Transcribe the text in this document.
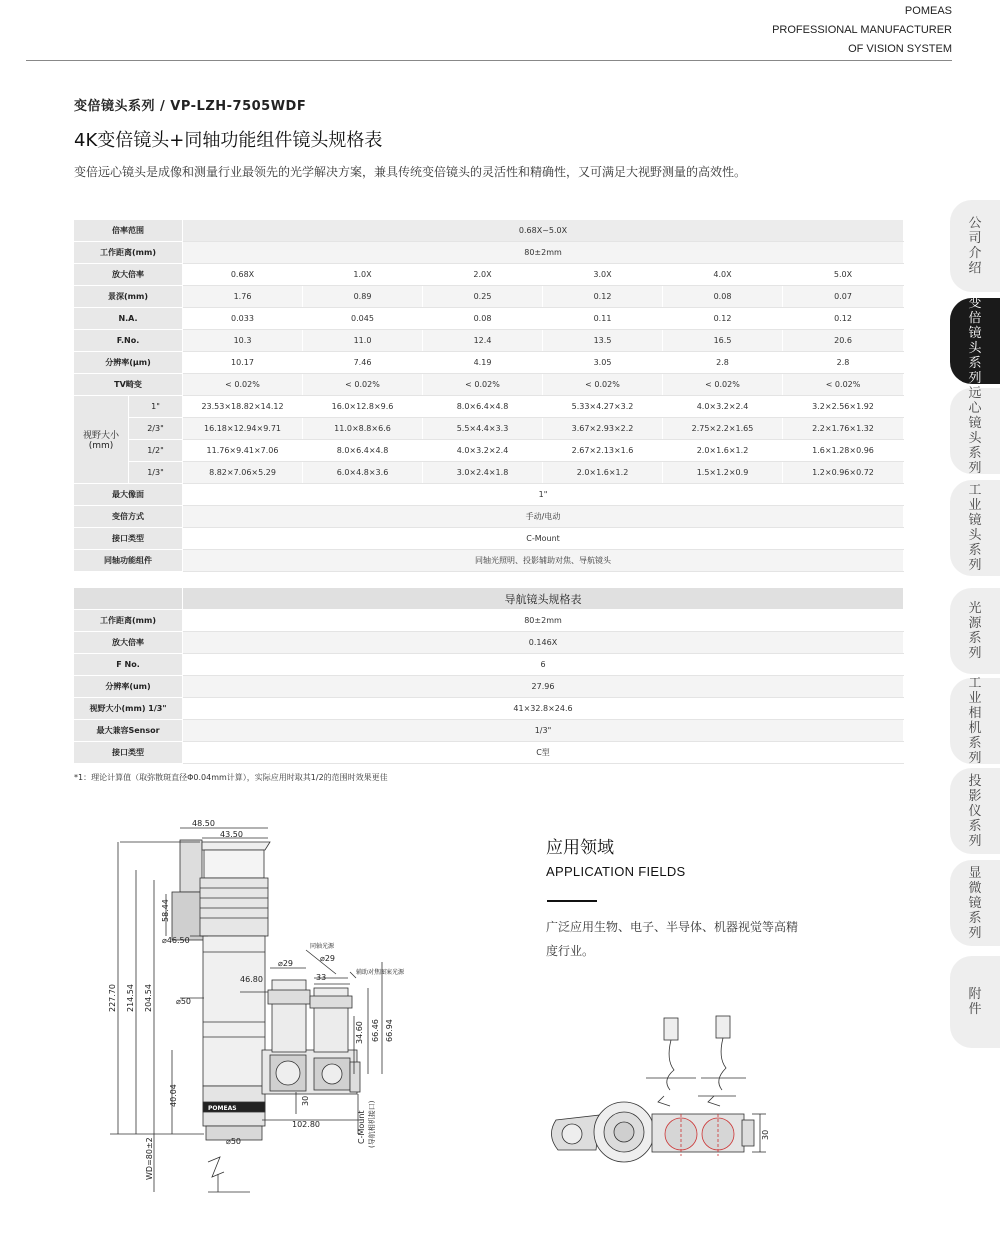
POMEAS
PROFESSIONAL MANUFACTURER
OF VISION SYSTEM
变倍镜头系列 / VP-LZH-7505WDF
4K变倍镜头+同轴功能组件镜头规格表
变倍远心镜头是成像和测量行业最领先的光学解决方案，兼具传统变倍镜头的灵活性和精确性，又可满足大视野测量的高效性。
倍率范围		0.68X~5.0X					
工作距离(mm)		80±2mm					
放大倍率		0.68X	1.0X	2.0X	3.0X	4.0X	5.0X
景深(mm)		1.76	0.89	0.25	0.12	0.08	0.07
N.A.		0.033	0.045	0.08	0.11	0.12	0.12
F.No.		10.3	11.0	12.4	13.5	16.5	20.6
分辨率(μm)		10.17	7.46	4.19	3.05	2.8	2.8
TV畸变		< 0.02%	< 0.02%	< 0.02%	< 0.02%	< 0.02%	< 0.02%

视野大小
(mm)	1"	23.53×18.82×14.12	16.0×12.8×9.6	8.0×6.4×4.8	5.33×4.27×3.2	4.0×3.2×2.4	3.2×2.56×1.92
	2/3"	16.18×12.94×9.71	11.0×8.8×6.6	5.5×4.4×3.3	3.67×2.93×2.2	2.75×2.2×1.65	2.2×1.76×1.32
	1/2"	11.76×9.41×7.06	8.0×6.4×4.8	4.0×3.2×2.4	2.67×2.13×1.6	2.0×1.6×1.2	1.6×1.28×0.96
	1/3"	8.82×7.06×5.29	6.0×4.8×3.6	3.0×2.4×1.8	2.0×1.6×1.2	1.5×1.2×0.9	1.2×0.96×0.72
最大像面		1"					
变倍方式		手动/电动					
接口类型		C-Mount					
同轴功能组件		同轴光照明、投影辅助对焦、导航镜头					
	导航镜头规格表
工作距离(mm)	80±2mm
放大倍率	0.146X
F No.	6
分辨率(um)	27.96
视野大小(mm) 1/3"	41×32.8×24.6
最大兼容Sensor	1/3"
接口类型	C型
*1：理论计算值（取弥散斑直径Φ0.04mm计算），实际应用时取其1/2的范围时效果更佳
公司介绍
变倍镜头系列
远心镜头系列
工业镜头系列
光源系列
工业相机系列
投影仪系列
显微镜系列
附件
48.50
43.50
58.44
⌀46.50
227.70 214.54 204.54	⌀50
40.04
46.80
⌀29
⌀29
33
34.60 66.46 66.94
30
102.80
⌀50
WD=80±2
C-Mount (导航相机接口)
同轴光源
辅助对焦图案光源
POMEAS
应用领域
APPLICATION FIELDS
广泛应用生物、电子、半导体、机器视觉等高精度行业。
30
